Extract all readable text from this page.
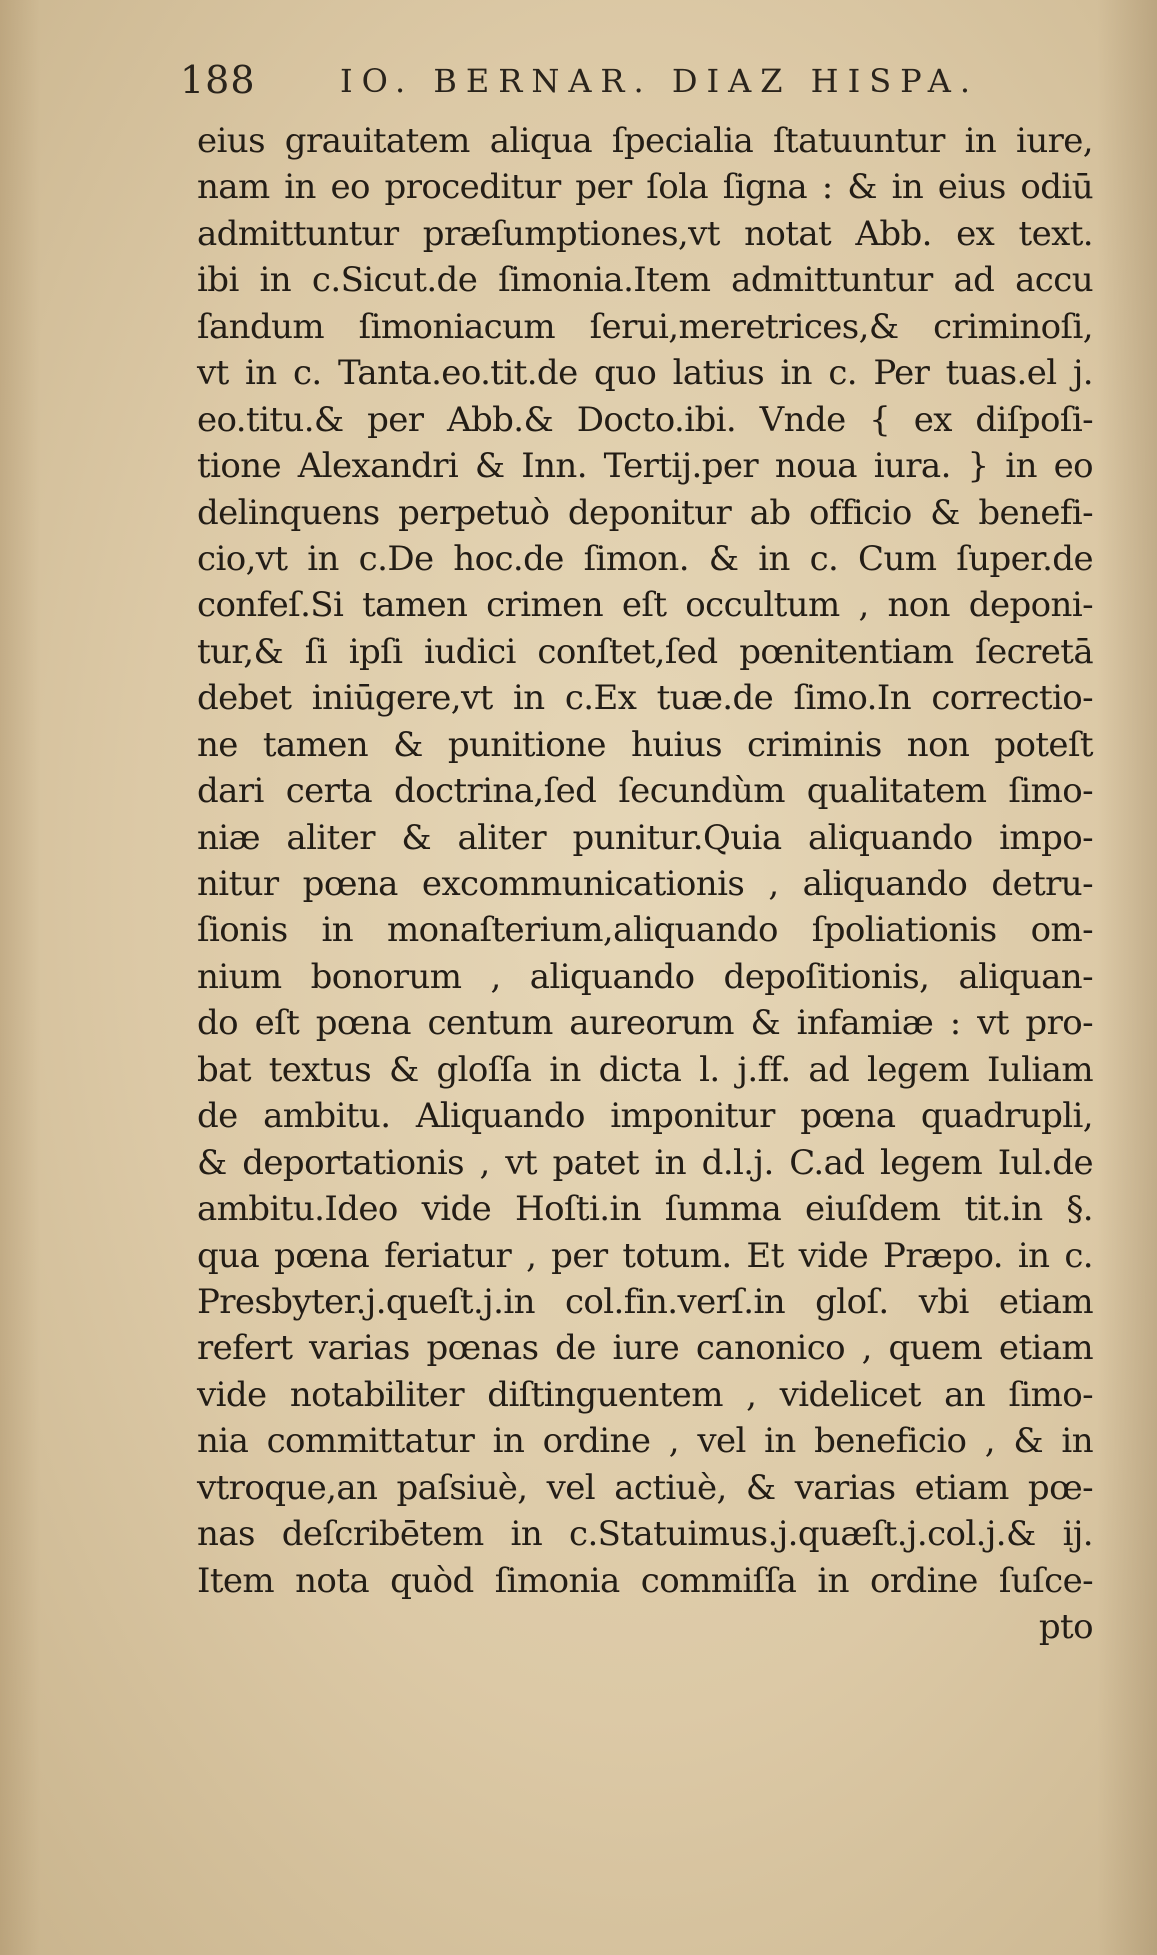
188	IO. BERNAR. DIAZ HISPA.
eius grauitatem aliqua ſpecialia ſtatuuntur in iure,
nam in eo proceditur per ſola ſigna : & in eius odiū
admittuntur præſumptiones,vt notat Abb. ex text.
ibi in c.Sicut.de ſimonia.Item admittuntur ad accu
ſandum ſimoniacum ſerui,meretrices,& criminoſi,
vt in c. Tanta.eo.tit.de quo latius in c. Per tuas.el j.
eo.titu.& per Abb.& Docto.ibi. Vnde { ex diſpoſi-
tione Alexandri & Inn. Tertij.per noua iura. } in eo
delinquens perpetuò deponitur ab officio & benefi-
cio,vt in c.De hoc.de ſimon. & in c. Cum ſuper.de
confeſ.Si tamen crimen eſt occultum , non deponi-
tur,& ſi ipſi iudici conſtet,ſed pœnitentiam ſecretā
debet iniūgere,vt in c.Ex tuæ.de ſimo.In correctio-
ne tamen & punitione huius criminis non poteſt
dari certa doctrina,ſed ſecundùm qualitatem ſimo-
niæ aliter & aliter punitur.Quia aliquando impo-
nitur pœna excommunicationis , aliquando detru-
ſionis in monaſterium,aliquando ſpoliationis om-
nium bonorum , aliquando depoſitionis, aliquan-
do eſt pœna centum aureorum & infamiæ : vt pro-
bat textus & gloſſa in dicta l. j.ff. ad legem Iuliam
de ambitu. Aliquando imponitur pœna quadrupli,
& deportationis , vt patet in d.l.j. C.ad legem Iul.de
ambitu.Ideo vide Hoſti.in ſumma eiuſdem tit.in §.
qua pœna feriatur , per totum. Et vide Præpo. in c.
Presbyter.j.queſt.j.in col.fin.verſ.in gloſ. vbi etiam
refert varias pœnas de iure canonico , quem etiam
vide notabiliter diſtinguentem , videlicet an ſimo-
nia committatur in ordine , vel in beneficio , & in
vtroque,an paſsiuè, vel actiuè, & varias etiam pœ-
nas deſcribētem in c.Statuimus.j.quæſt.j.col.j.& ij.
Item nota quòd ſimonia commiſſa in ordine ſuſce-
pto
